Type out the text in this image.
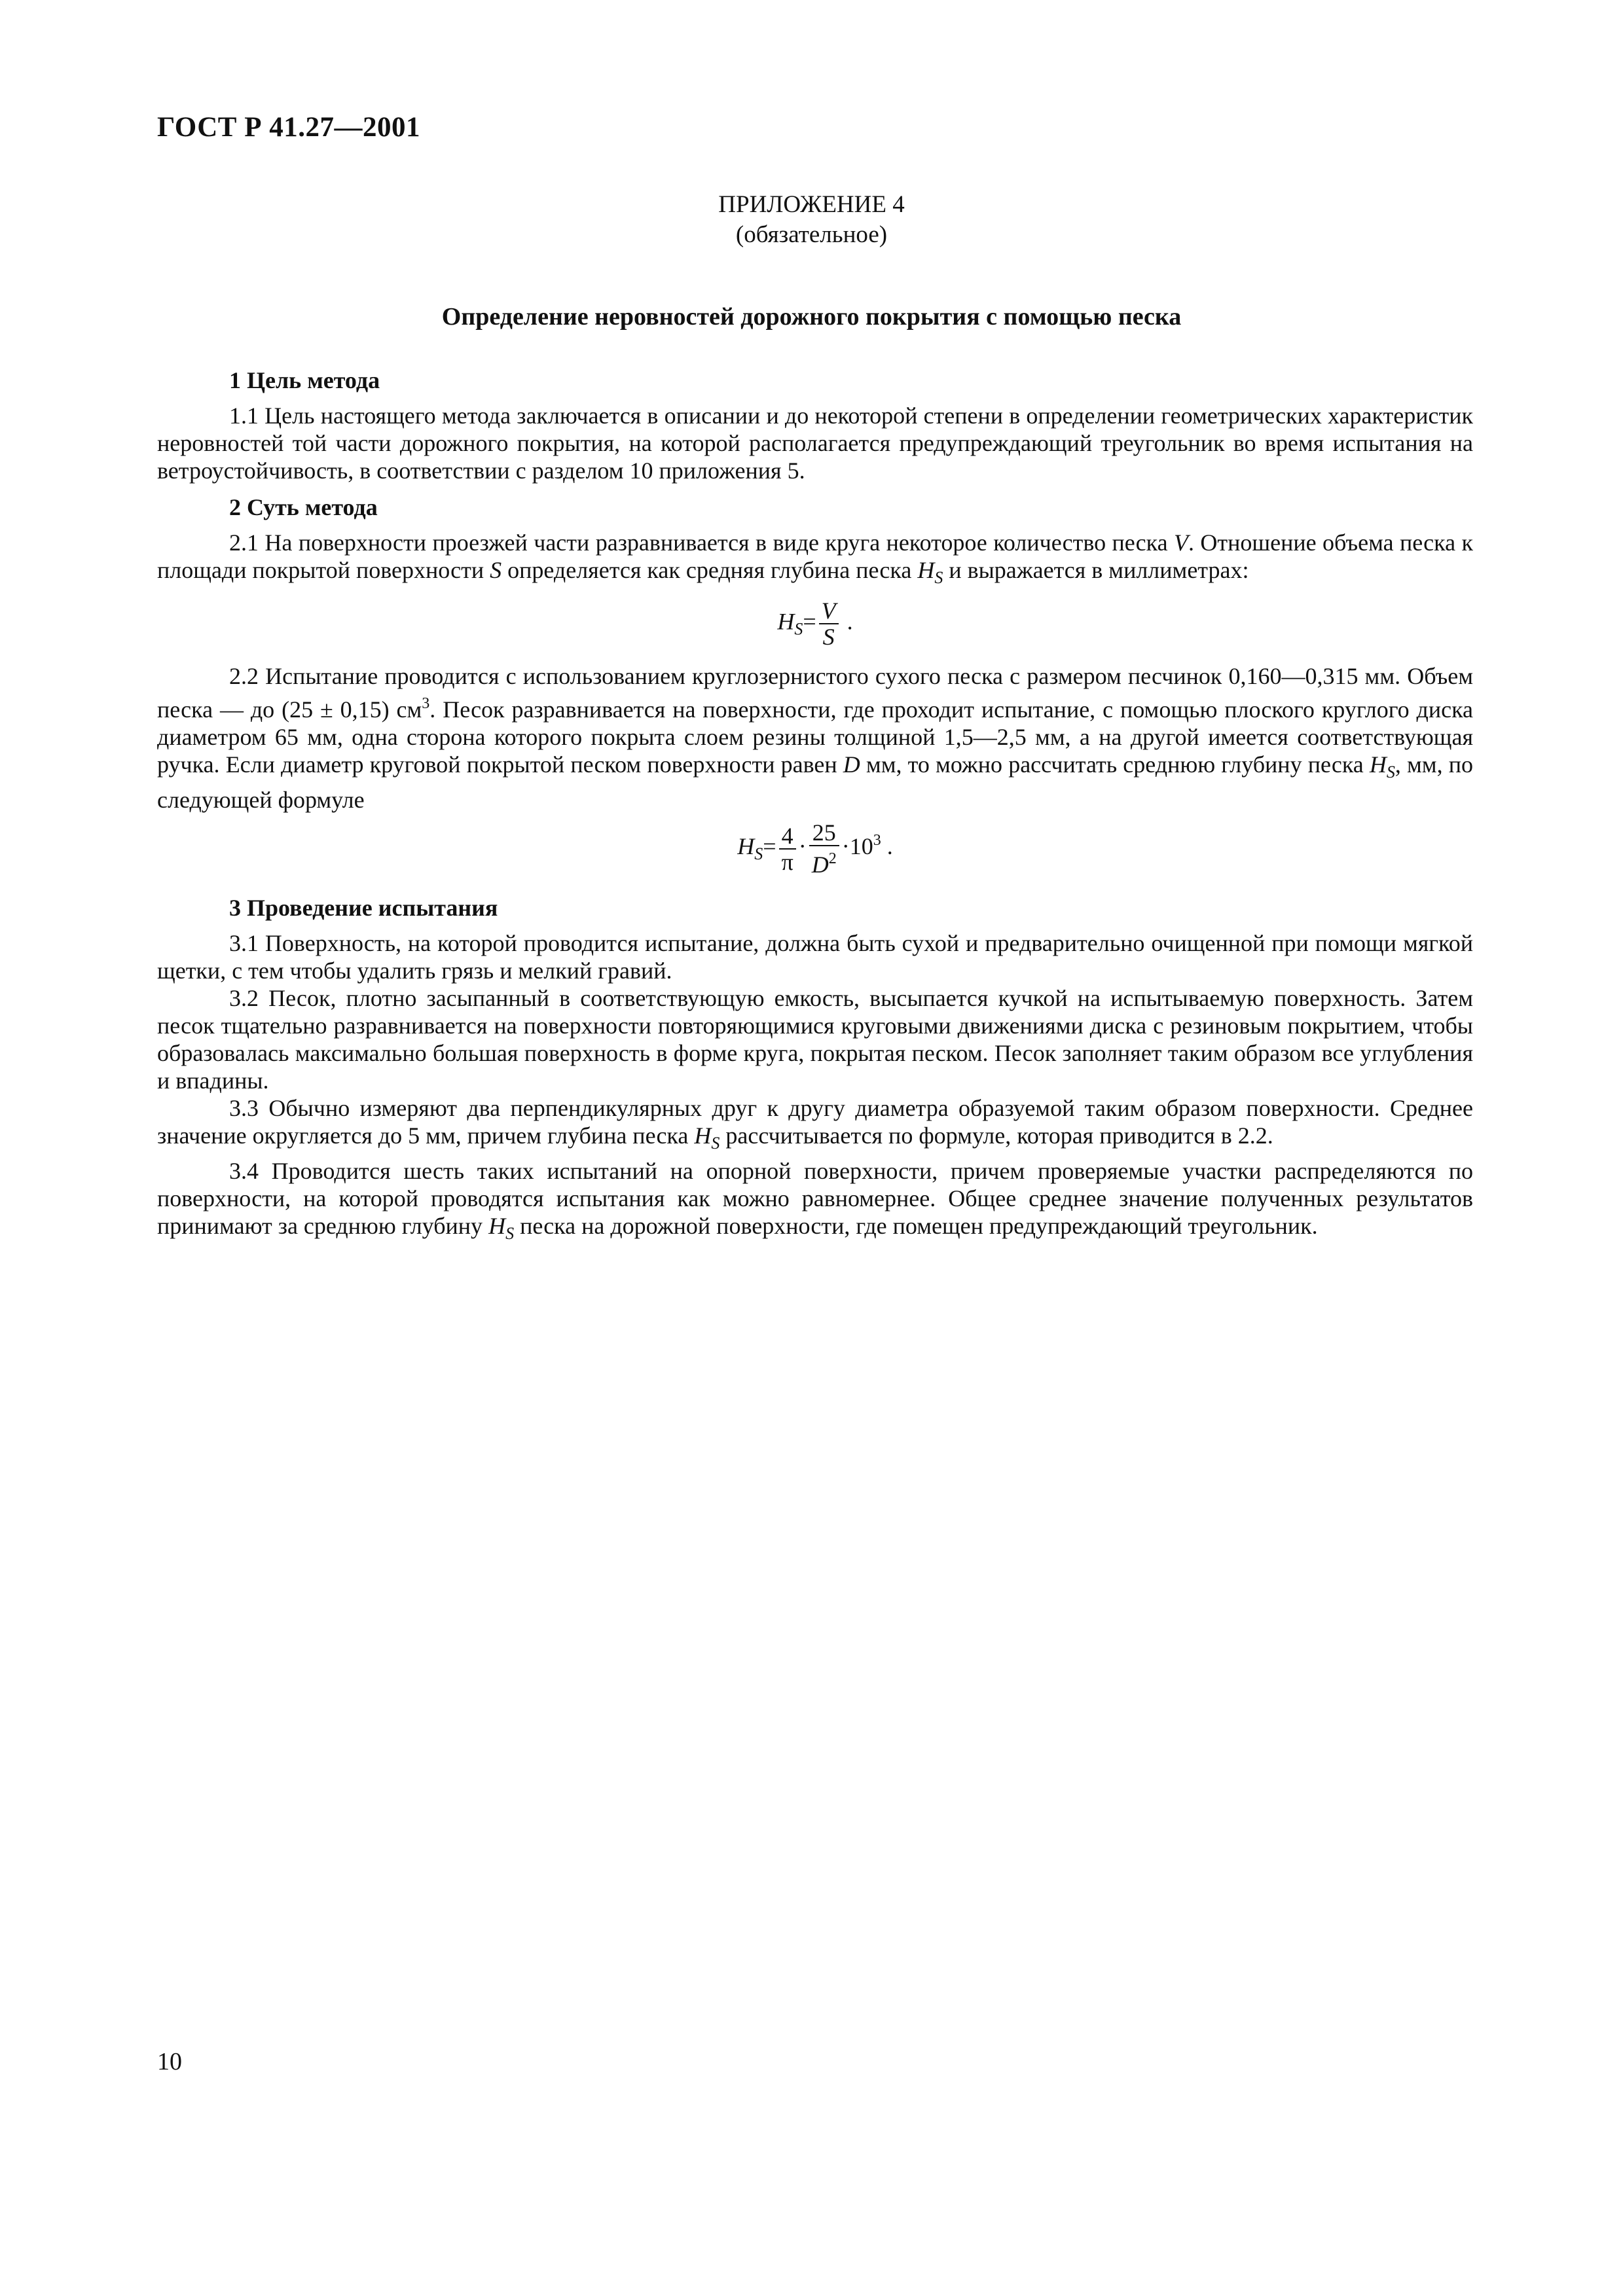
ГОСТ Р 41.27—2001
ПРИЛОЖЕНИЕ 4
(обязательное)
Определение неровностей дорожного покрытия с помощью песка
1 Цель метода

1.1 Цель настоящего метода заключается в описании и до некоторой степени в определении геометрических характеристик неровностей той части дорожного покрытия, на которой располагается предупреждающий треугольник во время испытания на ветроустойчивость, в соответствии с разделом 10 приложения 5.

2 Суть метода

2.1 На поверхности проезжей части разравнивается в виде круга некоторое количество песка V. Отношение объема песка к площади покрытой поверхности S определяется как средняя глубина песка $H_S$ и выражается в миллиметрах:

$H_S= \frac{V}{S}$ .

2.2 Испытание проводится с использованием круглозернистого сухого песка с размером песчинок 0,160—0,315 мм. Объем песка — до (25 ± 0,15) $см^3$. Песок разравнивается на поверхности, где проходит испытание, с помощью плоского круглого диска диаметром 65 мм, одна сторона которого покрыта слоем резины толщиной 1,5—2,5 мм, а на другой имеется соответствующая ручка. Если диаметр круговой покрытой песком поверхности равен D мм, то можно рассчитать среднюю глубину песка $H_S$, мм, по следующей формуле

$H_S= \frac{4}{\pi} \cdot \frac{25}{D^2} \cdot 10^3$ .
3 Проведение испытания

3.1 Поверхность, на которой проводится испытание, должна быть сухой и предварительно очищенной при помощи мягкой щетки, с тем чтобы удалить грязь и мелкий гравий.

3.2 Песок, плотно засыпанный в соответствующую емкость, высыпается кучкой на испытываемую поверхность. Затем песок тщательно разравнивается на поверхности повторяющимися круговыми движениями диска с резиновым покрытием, чтобы образовалась максимально большая поверхность в форме круга, покрытая песком. Песок заполняет таким образом все углубления и впадины.

3.3 Обычно измеряют два перпендикулярных друг к другу диаметра образуемой таким образом поверхности. Среднее значение округляется до 5 мм, причем глубина песка $H_S$ рассчитывается по формуле, которая приводится в 2.2.

3.4 Проводится шесть таких испытаний на опорной поверхности, причем проверяемые участки распределяются по поверхности, на которой проводятся испытания как можно равномернее. Общее среднее значение полученных результатов принимают за среднюю глубину $H_S$ песка на дорожной поверхности, где помещен предупреждающий треугольник.

10
